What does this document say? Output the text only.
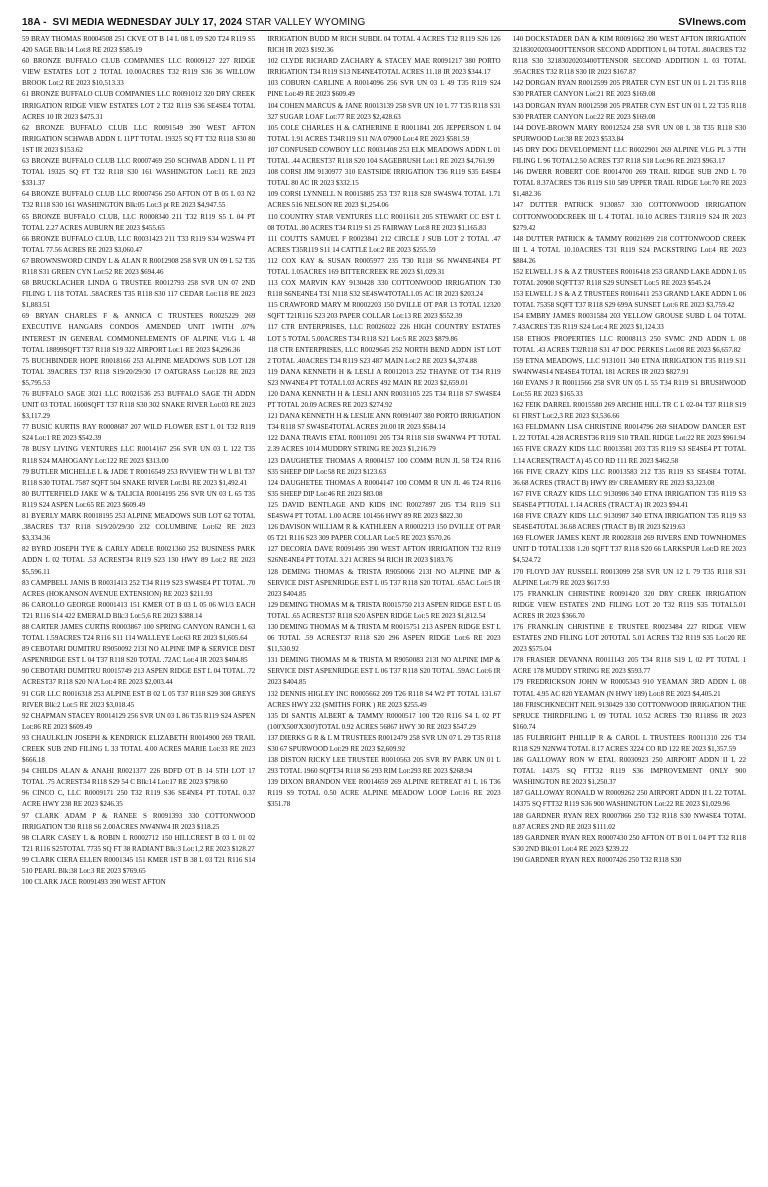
18A - SVI MEDIA WEDNESDAY JULY 17, 2024 STAR VALLEY WYOMING	SVInews.com

59 BRAY THOMAS R0004508 251 CKVE OT B 14 L 08 L 09 S20 T24 R119 S5 420 SAGE Blk:14 Lot:8 RE 2023 $585.19

60 BRONZE BUFFALO CLUB COMPANIES LLC R0009127 227 RIDGE VIEW ESTATES LOT 2 TOTAL 10.00ACRES T32 R119 S36 36 WILLOW BROOK Lot:2 RE 2023 $10,513.33

61 BRONZE BUFFALO CLUB COMPANIES LLC R0091012 320 DRY CREEK IRRIGATION RIDGE VIEW ESTATES LOT 2 T32 R119 S36 SE4SE4 TOTAL ACRES 10 IR 2023 $475.31

62 BRONZE BUFFALO CLUB LLC R0091549 390 WEST AFTON IRRIGATION SCHWAB ADDN L 11PT TOTAL 19325 SQ FT T32 R118 S30 80 1ST IR 2023 $153.62

63 BRONZE BUFFALO CLUB LLC R0007469 250 SCHWAB ADDN L 11 PT TOTAL 19325 SQ FT T32 R118 S30 161 WASHINGTON Lot:11 RE 2023 $331.37

64 BRONZE BUFFALO CLUB LLC R0007456 250 AFTON OT B 05 L 03 N2 T32 R118 S30 161 WASHINGTON Blk:05 Lot:3 pt RE 2023 $4,947.55

65 BRONZE BUFFALO CLUB, LLC R0008340 211 T32 R119 S5 L 04 PT TOTAL 2.27 ACRES AUBURN RE 2023 $455.65

66 BRONZE BUFFALO CLUB, LLC R0031423 211 T33 R119 S34 W2SW4 PT TOTAL 77.56 ACRES RE 2023 $3,060.47

67 BROWNSWORD CINDY L & ALAN R R0012908 258 SVR UN 09 L 52 T35 R118 S31 GREEN CYN Lot:52 RE 2023 $694.46

68 BRUCKLACHER LINDA G TRUSTEE R0012793 258 SVR UN 07 2ND FILING L 118 TOTAL .58ACRES T35 R118 S30 117 CEDAR Lot:118 RE 2023 $1,883.51

69 BRYAN CHARLES F & ANNICA C TRUSTEES R0025229 269 EXECUTIVE HANGARS CONDOS AMENDED UNIT 1WITH .07% INTEREST IN GENERAL COMMONELEMENTS OF ALPINE VLG L 48 TOTAL 18899SQFT T37 R118 S19 322 AIRPORT Lot:1 RE 2023 $4,296.36

75 BUCHBINDER HOPE R0018166 253 ALPINE MEADOWS SUB LOT 128 TOTAL 39ACRES T37 R118 S19/20/29/30 17 OATGRASS Lot:128 RE 2023 $5,795.53

76 BUFFALO SAGE 3021 LLC R0021536 253 BUFFALO SAGE TH ADDN UNIT 03 TOTAL 1600SQFT T37 R118 S30 302 SNAKE RIVER Lot:03 RE 2023 $3,117.29

77 BUSIC KURTIS RAY R0008687 207 WILD FLOWER EST L 01 T32 R119 S24 Lot:1 RE 2023 $542.39

78 BUSY LIVING VENTURES LLC R0014167 256 SVR UN 03 L 122 T35 R118 S24 MAHOGANY Lot:122 RE 2023 $313.00

79 BUTLER MICHELLE L & JADE T R0016549 253 RVVIEW TH W L B1 T37 R118 S30 TOTAL 7587 SQFT 504 SNAKE RIVER Lot:B1 RE 2023 $1,492.41

80 BUTTERFIELD JAKE W & TALICIA R0014195 256 SVR UN 03 L 65 T35 R119 S24 ASPEN Lot:65 RE 2023 $609.49

81 BYERLY MARK R0018195 253 ALPINE MEADOWS SUB LOT 62 TOTAL .38ACRES T37 R118 S19/20/29/30 232 COLUMBINE Lot:62 RE 2023 $3,334.36

82 BYRD JOSEPH TYE & CARLY ADELE R0021360 252 BUSINESS PARK ADDN L 02 TOTAL .53 ACREST34 R119 S23 130 HWY 89 Lot:2 RE 2023 $5,596.11

83 CAMPBELL JANIS B R0031413 252 T34 R119 S23 SW4SE4 PT TOTAL .70 ACRES (HOKANSON AVENUE EXTENSION) RE 2023 $211.93

86 CAROLLO GEORGE R0001413 151 KMER OT B 03 L 05 06 W1/3 EACH T21 R116 S14 422 EMERALD Blk:3 Lot:5,6 RE 2023 $388.14

88 CARTER JAMES CURTIS R0003867 100 SPRING CANYON RANCH L 63 TOTAL 1.59ACRES T24 R116 S11 114 WALLEYE Lot:63 RE 2023 $1,605.64

89 CEBOTARI DUMITRU R9050092 213I NO ALPINE IMP & SERVICE DIST ASPENRIDGE EST L 04 T37 R118 S20 TOTAL .72AC Lot:4 IR 2023 $404.85

90 CEBOTARI DUMITRU R0015749 213 ASPEN RIDGE EST L 04 TOTAL .72 ACREST37 R118 S20 N/A Lot:4 RE 2023 $2,003.44

91 CGR LLC R0016318 253 ALPINE EST B 02 L 05 T37 R118 S29 308 GREYS RIVER Blk:2 Lot:5 RE 2023 $3,018.45

92 CHAPMAN STACEY R0014129 256 SVR UN 03 L 86 T35 R119 S24 ASPEN Lot:86 RE 2023 $609.49

93 CHAULKLIN JOSEPH & KENDRICK ELIZABETH R0014900 269 TRAIL CREEK SUB 2ND FILING L 33 TOTAL 4.00 ACRES MARIE Lot:33 RE 2023 $666.18

94 CHILDS ALAN & ANAHI R0021377 226 BDFD OT B 14 5TH LOT 17 TOTAL .75 ACREST34 R118 S29 54 C Blk:14 Lot:17 RE 2023 $798.60

96 CINCO C, LLC R0009171 250 T32 R119 S36 SE4NE4 PT TOTAL 0.37 ACRE HWY 238 RE 2023 $246.35

97 CLARK ADAM P & RANEE S R0091393 330 COTTONWOOD IRRIGATION T30 R118 S6 2.00ACRES NW4NW4 IR 2023 $118.25

98 CLARK CASEY L & ROBIN L R0002712 150 HILLCREST B 03 L 01 02 T21 R116 S25TOTAL 7735 SQ FT 38 RADIANT Blk:3 Lot:1,2 RE 2023 $128.27

99 CLARK CIERA ELLEN R0001345 151 KMER 1ST B 38 L 03 T21 R116 S14 510 PEARL Blk:38 Lot:3 RE 2023 $769.65

100 CLARK JACE R0091493 390 WEST AFTON

IRRIGATION BUDD M RICH SUBDL 04 TOTAL 4 ACRES T32 R119 S26 126 RICH IR 2023 $192.36

102 CLYDE RICHARD ZACHARY & STACEY MAE R0091217 380 PORTO IRRIGATION T34 R119 S13 NE4NE4TOTAL ACRES 11.18 IR 2023 $344.17

103 COBURN CARLINE A R0014096 256 SVR UN 03 L 49 T35 R119 S24 PINE Lot:49 RE 2023 $609.49

104 COHEN MARCUS & JANE R0013139 258 SVR UN 10 L 77 T35 R118 S31 327 SUGAR LOAF Lot:77 RE 2023 $2,428.63

105 COLE CHARLES H & CATHERINE E R0011841 205 JEPPERSON L 04 TOTAL 1.91 ACRES T34R119 S11 N/A 07900 Lot:4 RE 2023 $581.59

107 CONFUSED COWBOY LLC R0031408 253 ELK MEADOWS ADDN L 01 TOTAL .44 ACREST37 R118 S20 104 SAGEBRUSH Lot:1 RE 2023 $4,761.99

108 CORSI JIM 9130977 310 EASTSIDE IRRIGATION T36 R119 S35 E4SE4 TOTAL 80 AC IR 2023 $332.15

109 CORSI LYNNELL N R0015885 253 T37 R118 S28 SW4SW4 TOTAL 1.71 ACRES 516 NELSON RE 2023 $1,254.06

110 COUNTRY STAR VENTURES LLC R0011611 205 STEWART CC EST L 08 TOTAL .80 ACRES T34 R119 S1 25 FAIRWAY Lot:8 RE 2023 $1,165.83

111 COUTTS SAMUEL F R0023841 212 CIRCLE J SUB LOT 2 TOTAL .47 ACRES T35R119 S11 14 CATTLE Lot:2 RE 2023 $255.59

112 COX KAY & SUSAN R0005977 235 T30 R118 S6 NW4NE4NE4 PT TOTAL 1.05ACRES 169 BITTERCREEK RE 2023 $1,029.31

113 COX MARVIN KAY 9130428 330 COTTONWOOD IRRIGATION T30 R118 S6NE4NE4 T31 N118 S32 SE4SW4TOTAL1.05 AC IR 2023 $203.24

115 CRAWFORD MARY M R0002203 150 DVILLE OT PAR 13 TOTAL 12320 SQFT T21R116 S23 203 PAPER COLLAR Lot:13 RE 2023 $552.39

117 CTR ENTERPRISES, LLC R0026022 226 HIGH COUNTRY ESTATES LOT 5 TOTAL 5.00ACRES T34 R118 S21 Lot:5 RE 2023 $879.86

118 CTR ENTERPRISES, LLC R0029645 252 NORTH BEND ADDN 1ST LOT 2 TOTAL .40ACRES T34 R119 S23 487 MAIN Lot:2 RE 2023 $4,374.88

119 DANA KENNETH H & LESLI A R0012013 252 THAYNE OT T34 R119 S23 NW4NE4 PT TOTAL1.03 ACRES 492 MAIN RE 2023 $2,659.01

120 DANA KENNETH H & LESLI ANN R0031105 225 T34 R118 S7 SW4SE4 PT TOTAL 20.09 ACRES RE 2023 $274.92

121 DANA KENNETH H & LESLIE ANN R0091407 380 PORTO IRRIGATION T34 R118 S7 SW4SE4TOTAL ACRES 20.00 IR 2023 $584.14

122 DANA TRAVIS ETAL R0011091 205 T34 R118 S18 SW4NW4 PT TOTAL 2.39 ACRES 1014 MUDDRY STRING RE 2023 $1,216.79

123 DAUGHETEE THOMAS A R0004157 100 COMM RUN JL 58 T24 R116 S35 SHEEP DIP Lot:58 RE 2023 $123.63

124 DAUGHETEE THOMAS A R0004147 100 COMM R UN JL 46 T24 R116 S35 SHEEP DIP Lot:46 RE 2023 $83.08

125 DAVID BENTLAGE AND KIDS INC R0027897 205 T34 R119 S11 SE4SW4 PT TOTAL 1.00 ACRE 101456 HWY 89 RE 2023 $822.30

126 DAVISON WILLIAM R & KATHLEEN A R0002213 150 DVILLE OT PAR 05 T21 R116 S23 309 PAPER COLLAR Lot:5 RE 2023 $570.26

127 DECORIA DAVE R0091495 390 WEST AFTON IRRIGATION T32 R119 S26NE4NE4 PT TOTAL 3.21 ACRES 94 RICH IR 2023 $183.76

128 DEMING THOMAS & TRISTA R9050066 213I NO ALPINE IMP & SERVICE DIST ASPENRIDGE EST L 05 T37 R118 S20 TOTAL .65AC Lot:5 IR 2023 $404.85

129 DEMING THOMAS M & TRISTA R0015750 213 ASPEN RIDGE EST L 05 TOTAL .65 ACREST37 R118 S20 ASPEN RIDGE Lot:5 RE 2023 $1,812.54

130 DEMING THOMAS M & TRISTA M R0015751 213 ASPEN RIDGE EST L 06 TOTAL .59 ACREST37 R118 S20 296 ASPEN RIDGE Lot:6 RE 2023 $11,530.92

131 DEMING THOMAS M & TRISTA M R9050083 213I NO ALPINE IMP & SERVICE DIST ASPENRIDGE EST L 06 T37 R118 S20 TOTAL .59AC Lot:6 IR 2023 $404.85

132 DENNIS HIGLEY INC R0005662 209 T26 R118 S4 W2 PT TOTAL 131.67 ACRES HWY 232 (SMITHS FORK ) RE 2023 $255.49

135 DI SANTIS ALBERT & TAMMY R0000517 100 T20 R116 S4 L 02 PT (100'X500'X300')TOTAL 0.92 ACRES 56867 HWY 30 RE 2023 $547.29

137 DIERKS G R & L M TRUSTEES R0012479 258 SVR UN 07 L 29 T35 R118 S30 67 SPURWOOD Lot:29 RE 2023 $2,609.92

138 DISTON RICKY LEE TRUSTEE R0010563 205 SVR RV PARK UN 01 L 293 TOTAL 1960 SQFT34 R118 S6 293 RIM Lot:293 RE 2023 $268.94

139 DIXON BRANDON VEE R0014659 269 ALPINE RETREAT #1 L 16 T36 R119 S9 TOTAL 0.50 ACRE ALPINE MEADOW LOOP Lot:16 RE 2023 $351.78

140 DOCKSTADER DAN & KIM R0091662 390 WEST AFTON IRRIGATION 3218302020340OTTENSOR SECOND ADDITION L 04 TOTAL .80ACRES T32 R118 S30 32183020203400TTENSOR SECOND ADDITION L 03 TOTAL .95ACRES T32 R118 S30 IR 2023 $167.87

142 DORGAN RYAN R0012599 205 PRATER CYN EST UN 01 L 21 T35 R118 S30 PRATER CANYON Lot:21 RE 2023 $169.08

143 DORGAN RYAN R0012598 205 PRATER CYN EST UN 01 L 22 T35 R118 S30 PRATER CANYON Lot:22 RE 2023 $169.08

144 DOVE-BROWN MARY R0012524 258 SVR UN 08 L 38 T35 R118 S30 SPURWOOD Lot:38 RE 2023 $533.84

145 DRY DOG DEVELOPMENT LLC R0022901 269 ALPINE VLG PL 3 7TH FILING L 96 TOTAL2.50 ACRES T37 R118 S18 Lot:96 RE 2023 $963.17

146 DWERR ROBERT COE R0014700 269 TRAIL RIDGE SUB 2ND L 70 TOTAL 8.37ACRES T36 R119 S10 589 UPPER TRAIL RIDGE Lot:70 RE 2023 $1,482.36

147 DUTTER PATRICK 9130857 330 COTTONWOOD IRRIGATION COTTONWOODCREEK III L 4 TOTAL 10.10 ACRES T31R119 S24 IR 2023 $279.42

148 DUTTER PATRICK & TAMMY R0021699 218 COTTONWOOD CREEK III L 4 TOTAL 10.10ACRES T31 R119 S24 PACKSTRING Lot:4 RE 2023 $884.26

152 ELWELL J S & A Z TRUSTEES R0016418 253 GRAND LAKE ADDN L 05 TOTAL 20908 SQFTT37 R118 S29 SUNSET Lot:5 RE 2023 $545.24

153 ELWELL J S & A Z TRUSTEES R0016411 253 GRAND LAKE ADDN L 06 TOTAL 75358 SQFT T37 R118 S29 699A SUNSET Lot:6 RE 2023 $3,759.42

154 EMBRY JAMES R0031584 203 YELLOW GROUSE SUBD L 04 TOTAL 7.43ACRES T35 R119 S24 Lot:4 RE 2023 $1,124.33

158 ETHOS PROPERTIES LLC R0008113 250 SVMC 2ND ADDN L 08 TOTAL .43 ACRES T32R118 S31 47 DOC PERKES Lot:08 RE 2023 $6,657.82

159 ETNA MEADOWS, LLC 9131011 340 ETNA IRRIGATION T35 R119 S11 SW4NW4S14 NE4SE4 TOTAL 181 ACRES IR 2023 $827.91

160 EVANS J R R0011566 258 SVR UN 05 L 55 T34 R119 S1 BRUSHWOOD Lot:55 RE 2023 $165.33

162 FEIK DARREL R0015580 269 ARCHIE HILL TR C L 02-04 T37 R118 S19 61 FIRST Lot:2,3 RE 2023 $3,536.66

163 FELDMANN LISA CHRISTINE R0014796 269 SHADOW DANCER EST L 22 TOTAL 4.28 ACREST36 R119 S10 TRAIL RIDGE Lot:22 RE 2023 $961.94

165 FIVE CRAZY KIDS LLC R0013581 203 T35 R119 S3 SE4SE4 PT TOTAL 1.14 ACRES(TRACT A) 45 CO RD 111 RE 2023 $462.58

166 FIVE CRAZY KIDS LLC R0013583 212 T35 R119 S3 SE4SE4 TOTAL 36.68 ACRES (TRACT B) HWY 89/ CREAMERY RE 2023 $3,323.08

167 FIVE CRAZY KIDS LLC 9130986 340 ETNA IRRIGATION T35 R119 S3 SE4SE4 PTTOTAL 1.14 ACRES (TRACT A) IR 2023 $94.41

168 FIVE CRAZY KIDS LLC 9130987 340 ETNA IRRIGATION T35 R119 S3 SE4SE4TOTAL 36.68 ACRES (TRACT B) IR 2023 $219.63

169 FLOWER JAMES KENT JR R0028318 269 RIVERS END TOWNHOMES UNIT D TOTAL1338 1.20 SQFT T37 R118 S20 66 LARKSPUR Lot:D RE 2023 $4,524.72

170 FLOYD JAY RUSSELL R0013099 258 SVR UN 12 L 79 T35 R118 S31 ALPINE Lot:79 RE 2023 $617.93

175 FRANKLIN CHRISTINE R0091420 320 DRY CREEK IRRIGATION RIDGE VIEW ESTATES 2ND FILING LOT 20 T32 R119 S35 TOTAL5.01 ACRES IR 2023 $366.70

176 FRANKLIN CHRISTINE E TRUSTEE R0023484 227 RIDGE VIEW ESTATES 2ND FILING LOT 20TOTAL 5.01 ACRES T32 R119 S35 Lot:20 RE 2023 $575.04

178 FRASIER DEVANNA R0011143 205 T34 R118 S19 L 02 PT TOTAL 1 ACRE 178 MUDDY STRING RE 2023 $593.77

179 FREDRICKSON JOHN W R0005343 910 YEAMAN 3RD ADDN L 08 TOTAL 4.95 AC 820 YEAMAN (N HWY 189) Lot:8 RE 2023 $4,405.21

180 FRISCHKNECHT NEIL 9130429 330 COTTONWOOD IRRIGATION THE SPRUCE THIRDFILING L 09 TOTAL 10.52 ACRES T30 R118S6 IR 2023 $160.74

185 FULBRIGHT PHILLIP R & CAROL L TRUSTEES R0011310 226 T34 R118 S29 N2NW4 TOTAL 8.17 ACRES 3224 CO RD 122 RE 2023 $1,357.59

186 GALLOWAY RON W ETAL R0030923 250 AIRPORT ADDN II L 22 TOTAL 14375 SQ FTT32 R119 S36 IMPROVEMENT ONLY 900 WASHINGTON RE 2023 $1,250.37

187 GALLOWAY RONALD W R0009262 250 AIRPORT ADDN II L 22 TOTAL 14375 SQ FTT32 R119 S36 900 WASHINGTON Lot:22 RE 2023 $1,029.96

188 GARDNER RYAN REX R0007866 250 T32 R118 S30 NW4SE4 TOTAL 0.87 ACRES 2ND RE 2023 $111.02

189 GARDNER RYAN REX R0007430 250 AFTON OT B 01 L 04 PT T32 R118 S30 2ND Blk:01 Lot:4 RE 2023 $239.22

190 GARDNER RYAN REX R0007426 250 T32 R118 S30
